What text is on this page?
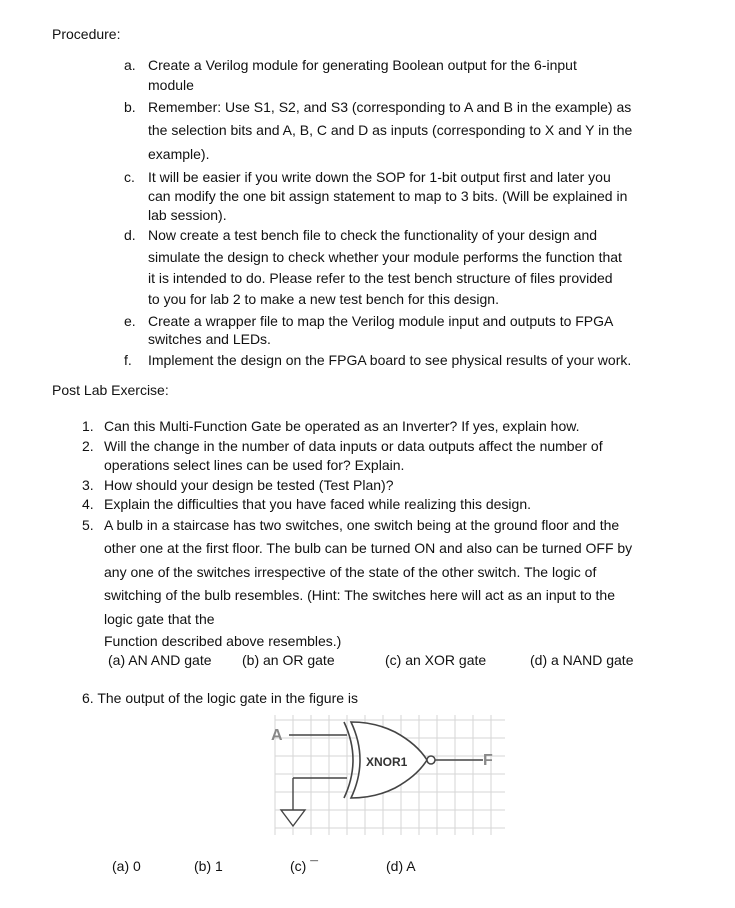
Procedure:
a. Create a Verilog module for generating Boolean output for the 6-input
module
b. Remember: Use S1, S2, and S3 (corresponding to A and B in the example) as
the selection bits and A, B, C and D as inputs (corresponding to X and Y in the
example).
c. It will be easier if you write down the SOP for 1-bit output first and later you
can modify the one bit assign statement to map to 3 bits. (Will be explained in
lab session).
d. Now create a test bench file to check the functionality of your design and
simulate the design to check whether your module performs the function that
it is intended to do. Please refer to the test bench structure of files provided
to you for lab 2 to make a new test bench for this design.
e. Create a wrapper file to map the Verilog module input and outputs to FPGA
switches and LEDs.
f. Implement the design on the FPGA board to see physical results of your work.
Post Lab Exercise:
1. Can this Multi-Function Gate be operated as an Inverter? If yes, explain how.
2. Will the change in the number of data inputs or data outputs affect the number of
operations select lines can be used for? Explain.
3. How should your design be tested (Test Plan)?
4. Explain the difficulties that you have faced while realizing this design.
5. A bulb in a staircase has two switches, one switch being at the ground floor and the
other one at the first floor. The bulb can be turned ON and also can be turned OFF by
any one of the switches irrespective of the state of the other switch. The logic of
switching of the bulb resembles. (Hint: The switches here will act as an input to the
logic gate that the
Function described above resembles.)
(a) AN AND gate (b) an OR gate	(c) an XOR gate	(d) a NAND gate
6. The output of the logic gate in the figure is
A
XNOR1	F
(a) 0	(b) 1	(c) ¯	(d) A
